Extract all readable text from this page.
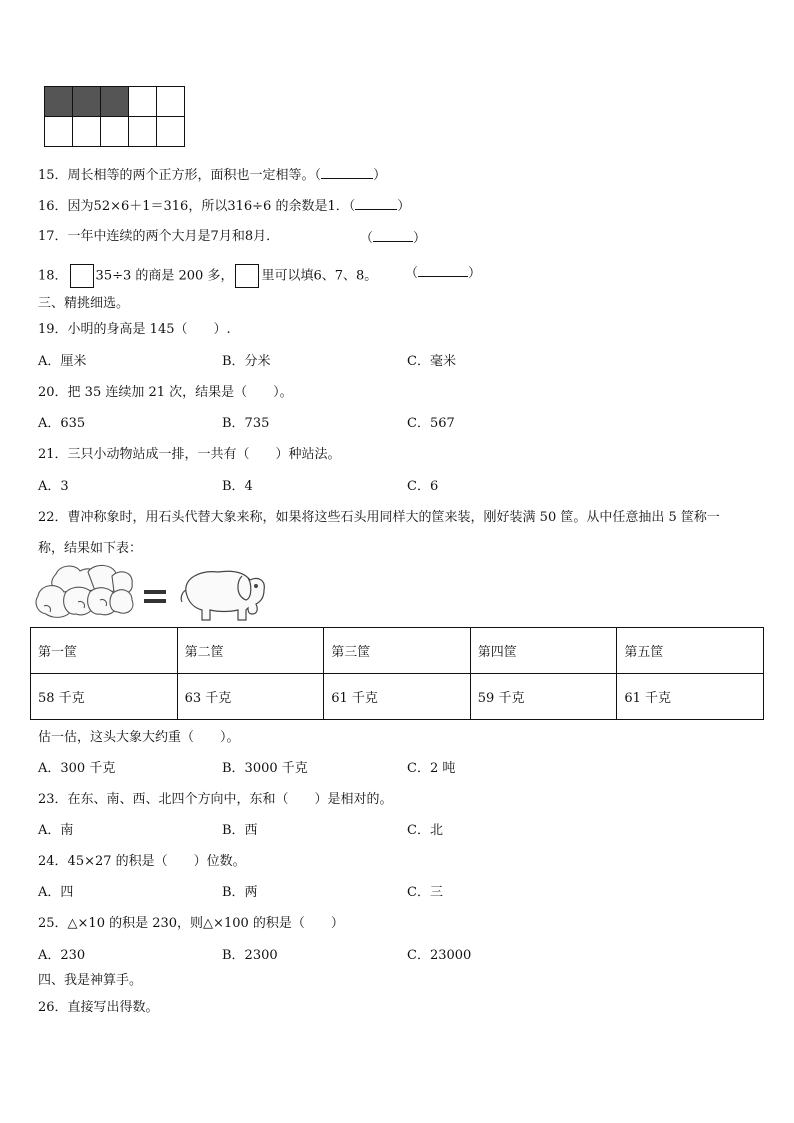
15．周长相等的两个正方形，面积也一定相等。（	）
16．因为52×6＋1＝316，所以316÷6 的余数是1．（	）
17．一年中连续的两个大月是7月和8月．	（	）
18． 35÷3 的商是 200 多， 里可以填6、7、8。 （	）
三、精挑细选。
19．小明的身高是 145（　　）.
A．厘米	B．分米	C．毫米
20．把 35 连续加 21 次，结果是（　　）。
A．635	B．735	C．567
21．三只小动物站成一排，一共有（　　）种站法。
A．3	B．4	C．6
22．曹冲称象时，用石头代替大象来称，如果将这些石头用同样大的筐来装，刚好装满 50 筐。从中任意抽出 5 筐称一
称，结果如下表：
第一筐	第二筐	第三筐	第四筐	第五筐
58 千克	63 千克	61 千克	59 千克	61 千克
估一估，这头大象大约重（　　）。
A．300 千克	B．3000 千克	C．2 吨
23．在东、南、西、北四个方向中，东和（　　）是相对的。
A．南	B．西	C．北
24．45×27 的积是（　　）位数。
A．四	B．两	C．三
25．△×10 的积是 230，则△×100 的积是（　　）
A．230	B．2300	C．23000
四、我是神算手。
26．直接写出得数。
